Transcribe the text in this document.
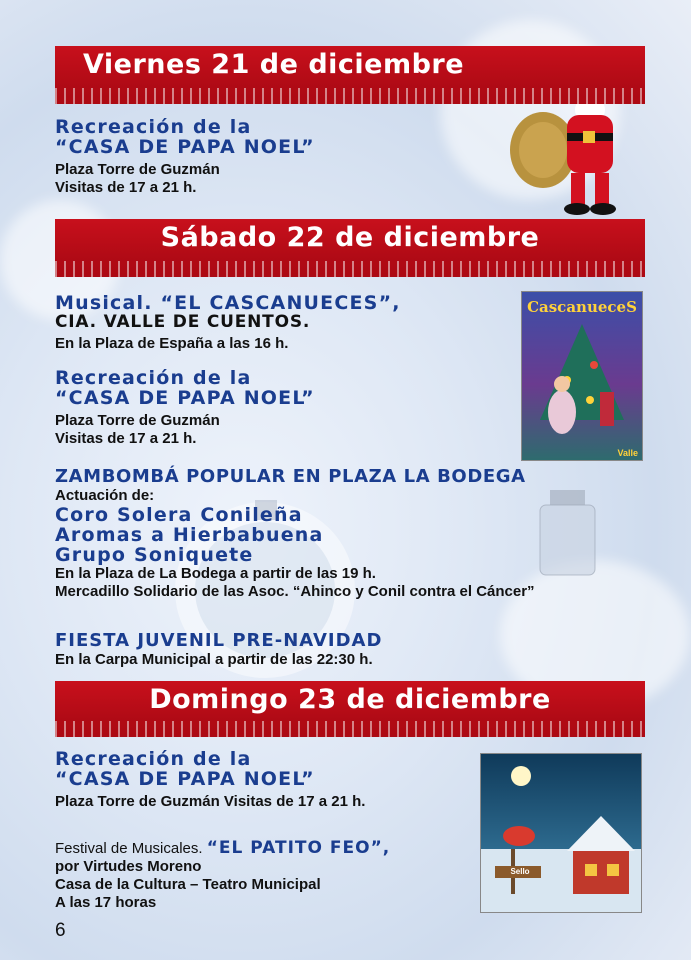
Viernes 21 de diciembre
Recreación de la
“CASA DE PAPA NOEL”
Plaza Torre de Guzmán
Visitas de 17 a 21 h.
Sábado 22 de diciembre
Musical. “EL CASCANUECES”,
CIA. VALLE DE CUENTOS.
En la Plaza de España a las 16 h.
Recreación de la
“CASA DE PAPA NOEL”
Plaza Torre de Guzmán
Visitas de 17 a 21 h.
ZAMBOMBÁ POPULAR EN PLAZA LA BODEGA
Actuación de:
Coro Solera Conileña
Aromas a Hierbabuena
Grupo Soniquete
En la Plaza de La Bodega a partir de las 19 h.
Mercadillo Solidario de las Asoc. “Ahinco y Conil contra el Cáncer”
FIESTA JUVENIL PRE-NAVIDAD
En la Carpa Municipal a partir de las 22:30 h.
CascanueceS
Valle
Domingo 23 de diciembre
Recreación de la
“CASA DE PAPA NOEL”
Plaza Torre de Guzmán Visitas de 17 a 21 h.
Festival de Musicales. “EL PATITO FEO”,
por Virtudes Moreno
Casa de la Cultura – Teatro Municipal
A las 17 horas
Sello
6
